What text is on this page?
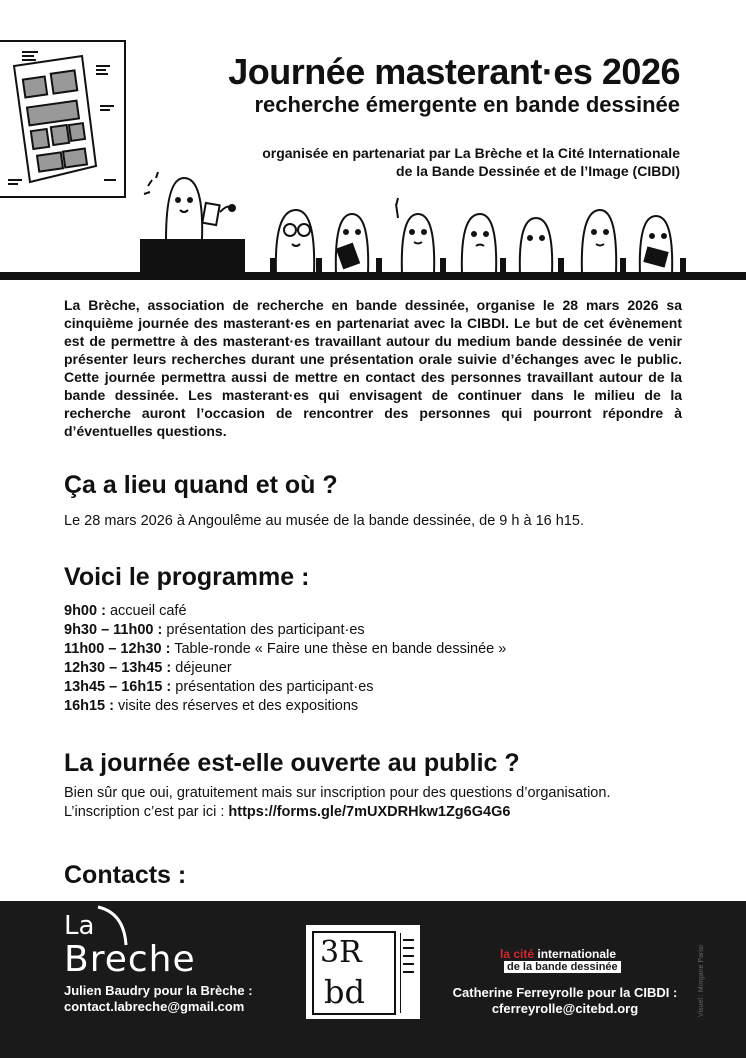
Journée masterant·es 2026
recherche émergente en bande dessinée
organisée en partenariat par La Brèche et la Cité Internationale
de la Bande Dessinée et de l’Image (CIBDI)

La Brèche, association de recherche en bande dessinée, organise le 28 mars 2026 sa cinquième journée des masterant·es en partenariat avec la CIBDI. Le but de cet évènement est de permettre à des masterant·es travaillant autour du medium bande dessinée de venir présenter leurs recherches durant une présentation orale suivie d’échanges avec le public. Cette journée permettra aussi de mettre en contact des personnes travaillant autour de la bande dessinée. Les masterant·es qui envisagent de continuer dans le milieu de la recherche auront l’occasion de rencontrer des personnes qui pourront répondre à d’éventuelles questions.

Ça a lieu quand et où ?

Le 28 mars 2026 à Angoulême au musée de la bande dessinée, de 9 h à 16 h15.

Voici le programme :
9h00 : accueil café
9h30 – 11h00 : présentation des participant·es
11h00 – 12h30 : Table-ronde « Faire une thèse en bande dessinée »
12h30 – 13h45 : déjeuner
13h45 – 16h15 : présentation des participant·es
16h15 : visite des réserves et des expositions
La journée est-elle ouverte au public ?
Bien sûr que oui, gratuitement mais sur inscription pour des questions d’organisation.
L’inscription c’est par ici : https://forms.gle/7mUXDRHkw1Zg6G4G6
Contacts :
La
Breche
Julien Baudry pour la Brèche :
contact.labreche@gmail.com
3R
bd
la cité internationale
de la bande dessinée
Catherine Ferreyrolle pour la CIBDI :
cferreyrolle@citebd.org	Visuel : Morgane Parisi
